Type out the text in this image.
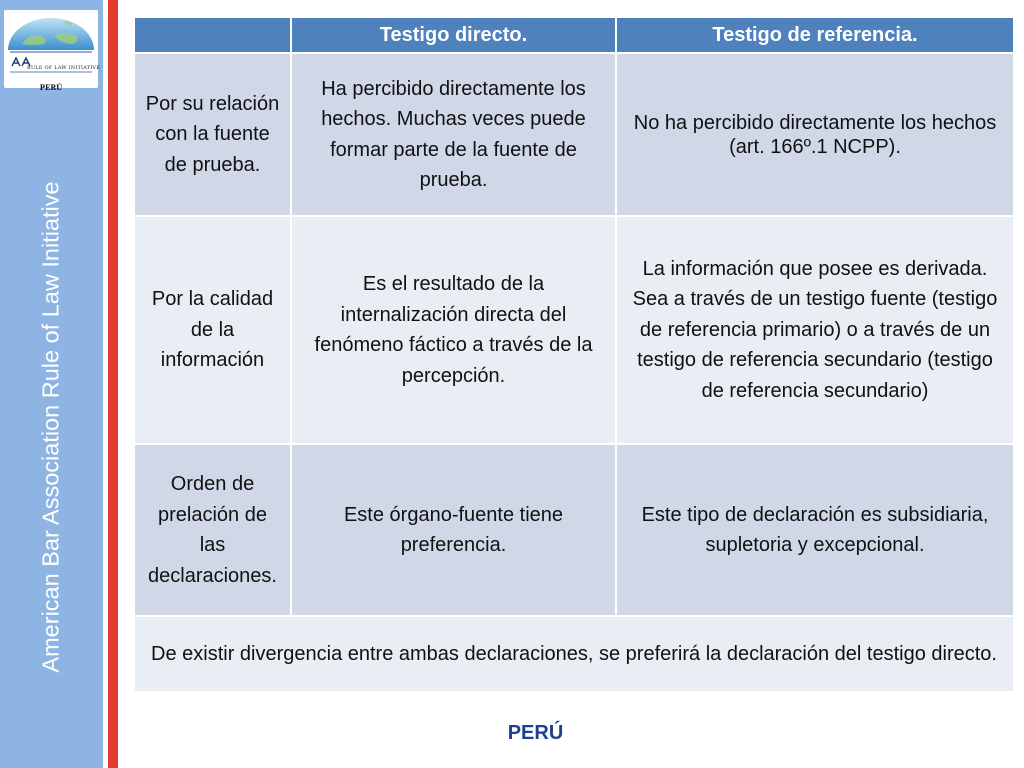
RULE OF LAW INITIATIVE
PERÚ
American Bar Association Rule of Law Initiative
	Testigo directo.	Testigo de referencia.
Por su relación con la fuente de prueba.	Ha percibido directamente los hechos. Muchas veces puede formar parte de la fuente de prueba.	No ha percibido directamente los hechos (art. 166º.1 NCPP).
Por la calidad de la información	Es el resultado de la internalización directa del fenómeno fáctico a través de la percepción.	La información que posee es derivada. Sea a través de un testigo fuente (testigo de referencia primario) o a través de un testigo de referencia secundario (testigo de referencia secundario)
Orden de prelación de las declaraciones.	Este órgano-fuente tiene preferencia.	Este tipo de declaración es subsidiaria, supletoria y excepcional.
De existir divergencia entre ambas declaraciones, se preferirá la declaración del testigo directo.		
PERÚ
